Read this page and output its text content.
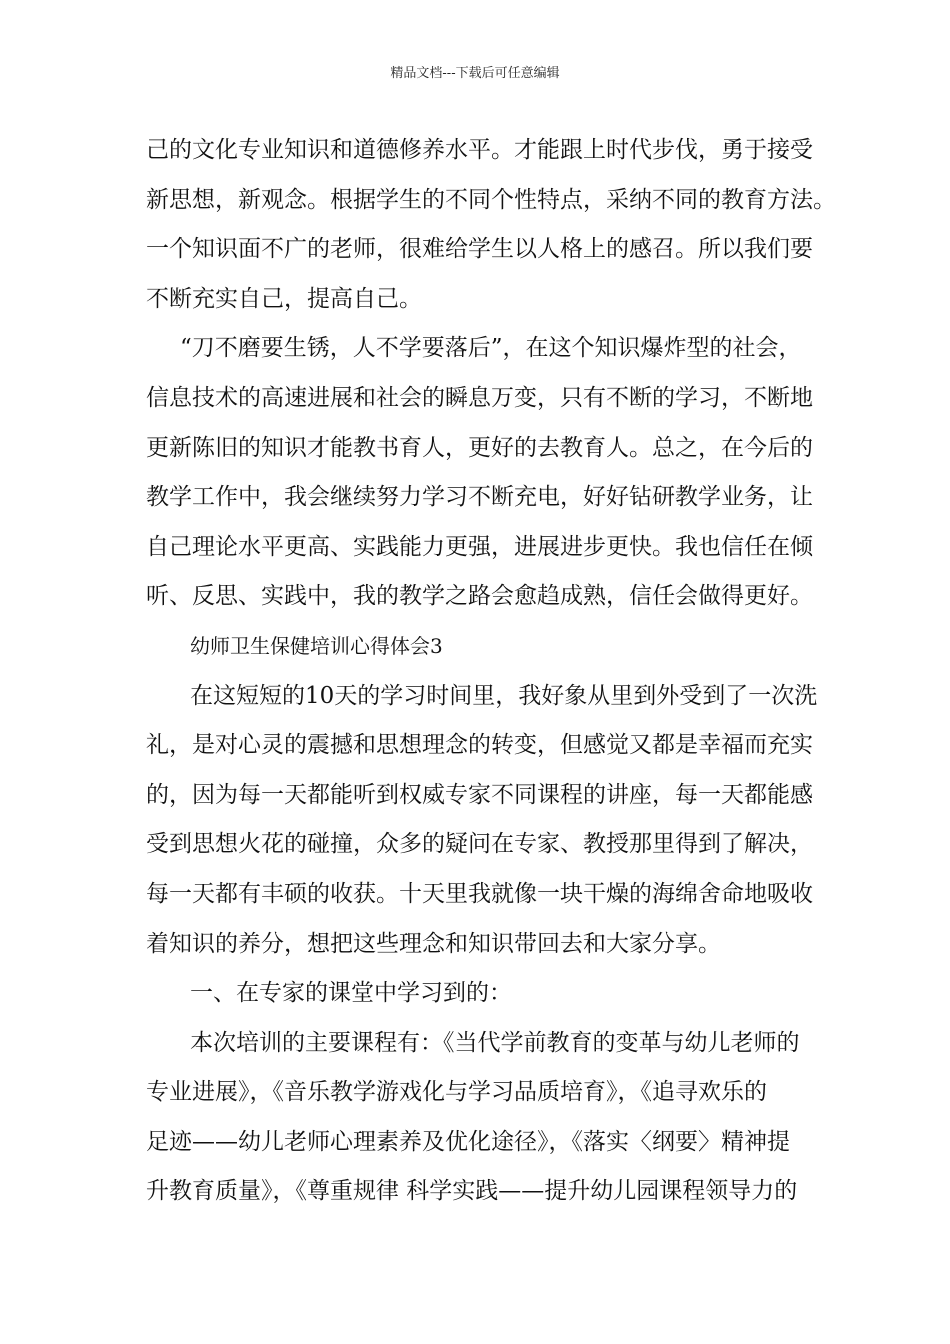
精品文档---下载后可任意编辑
己的文化专业知识和道德修养水平。才能跟上时代步伐，勇于接受
新思想，新观念。根据学生的不同个性特点，采纳不同的教育方法。
一个知识面不广的老师，很难给学生以人格上的感召。所以我们要
不断充实自己，提高自己。
“刀不磨要生锈，人不学要落后”，在这个知识爆炸型的社会，
信息技术的高速进展和社会的瞬息万变，只有不断的学习，不断地
更新陈旧的知识才能教书育人，更好的去教育人。总之，在今后的
教学工作中，我会继续努力学习不断充电，好好钻研教学业务，让
自己理论水平更高、实践能力更强，进展进步更快。我也信任在倾
听、反思、实践中，我的教学之路会愈趋成熟，信任会做得更好。
幼师卫生保健培训心得体会3
在这短短的10天的学习时间里，我好象从里到外受到了一次洗
礼，是对心灵的震撼和思想理念的转变，但感觉又都是幸福而充实
的，因为每一天都能听到权威专家不同课程的讲座，每一天都能感
受到思想火花的碰撞，众多的疑问在专家、教授那里得到了解决，
每一天都有丰硕的收获。十天里我就像一块干燥的海绵舍命地吸收
着知识的养分，想把这些理念和知识带回去和大家分享。
一、在专家的课堂中学习到的：
本次培训的主要课程有：《当代学前教育的变革与幼儿老师的
专业进展》，《音乐教学游戏化与学习品质培育》，《追寻欢乐的
足迹——幼儿老师心理素养及优化途径》，《落实〈纲要〉精神提
升教育质量》，《尊重规律 科学实践——提升幼儿园课程领导力的
